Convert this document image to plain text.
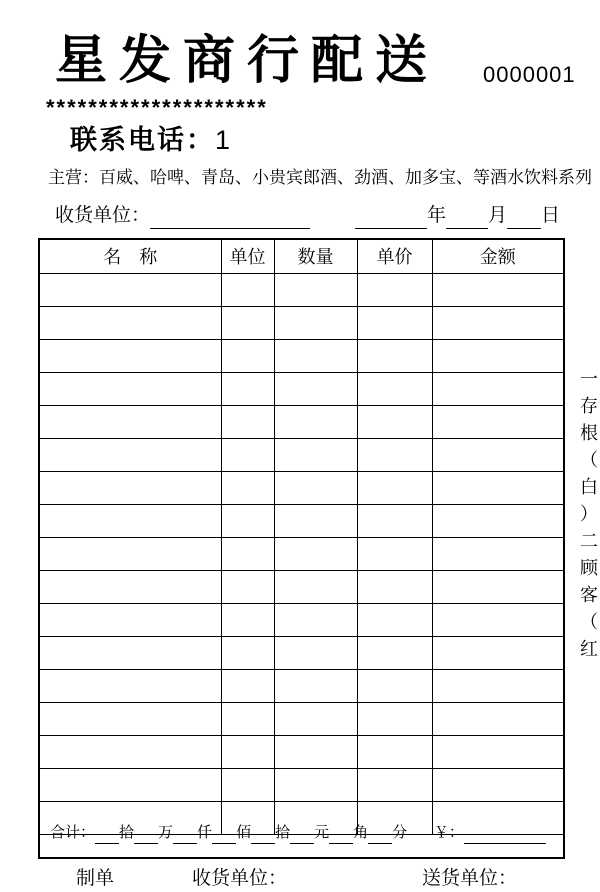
星发商行配送 0000001
*********************
联系电话：1
主营：百威、哈啤、青岛、小贵宾郎酒、劲酒、加多宝、等酒水饮料系列
收货单位：	年 月 日
名　称	单位	数量	单价	金额

合计： 拾 万 仟 佰 拾 元 角 分 ￥：
一
存
根
（
白
）
二
顾
客
（
红
制单	收货单位：	送货单位：
